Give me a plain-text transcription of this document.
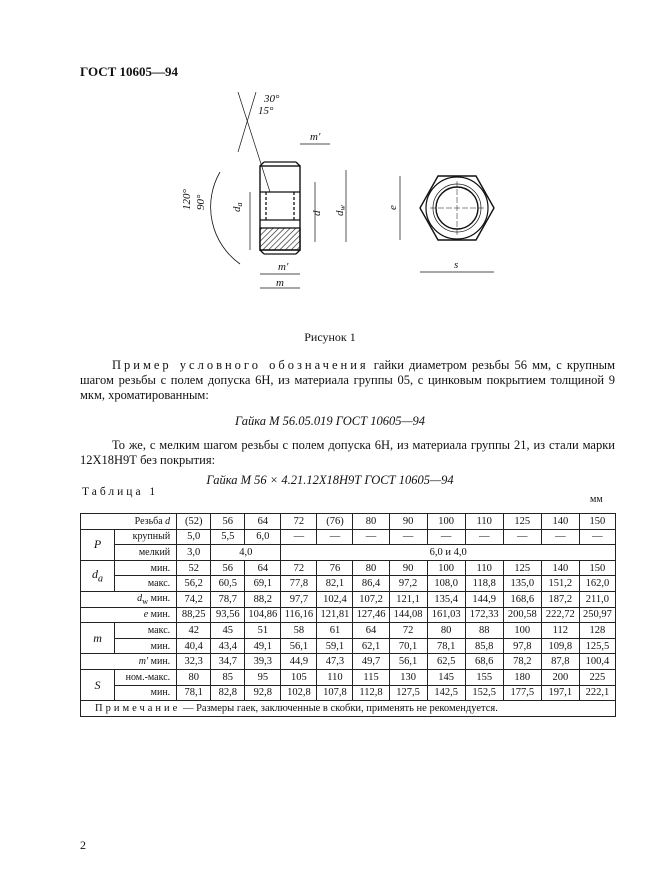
ГОСТ 10605—94
30°
15°
120° 90°
m'
da
d dw
m'
m
e
s
Рисунок 1
Пример условного обозначения гайки диаметром резьбы 56 мм, с крупным шагом резьбы с полем допуска 6Н, из материала группы 05, с цинковым покрытием толщиной 9 мкм, хроматированным:
Гайка М 56.05.019 ГОСТ 10605—94
То же, с мелким шагом резьбы с полем допуска 6Н, из материала группы 21, из стали марки 12Х18Н9Т без покрытия:
Гайка М 56 × 4.21.12Х18Н9Т ГОСТ 10605—94
Таблица 1
мм
Резьба d		(52)	56	64	72	(76)	80	90	100	110	125	140	150
P	крупный	5,0	5,5	6,0	—	—	—	—	—	—	—	—	—
	мелкий	3,0	4,0		6,0 и 4,0								
$d_a$	мин.	52	56	64	72	76	80	90	100	110	125	140	150
	макс.	56,2	60,5	69,1	77,8	82,1	86,4	97,2	108,0	118,8	135,0	151,2	162,0
$d_w$ мин.		74,2	78,7	88,2	97,7	102,4	107,2	121,1	135,4	144,9	168,6	187,2	211,0
e мин.		88,25	93,56	104,86	116,16	121,81	127,46	144,08	161,03	172,33	200,58	222,72	250,97
m	макс.	42	45	51	58	61	64	72	80	88	100	112	128
	мин.	40,4	43,4	49,1	56,1	59,1	62,1	70,1	78,1	85,8	97,8	109,8	125,5
m' мин.		32,3	34,7	39,3	44,9	47,3	49,7	56,1	62,5	68,6	78,2	87,8	100,4
S	ном.-макс.	80	85	95	105	110	115	130	145	155	180	200	225
	мин.	78,1	82,8	92,8	102,8	107,8	112,8	127,5	142,5	152,5	177,5	197,1	222,1
Примечание — Размеры гаек, заключенные в скобки, применять не рекомендуется.													
2
